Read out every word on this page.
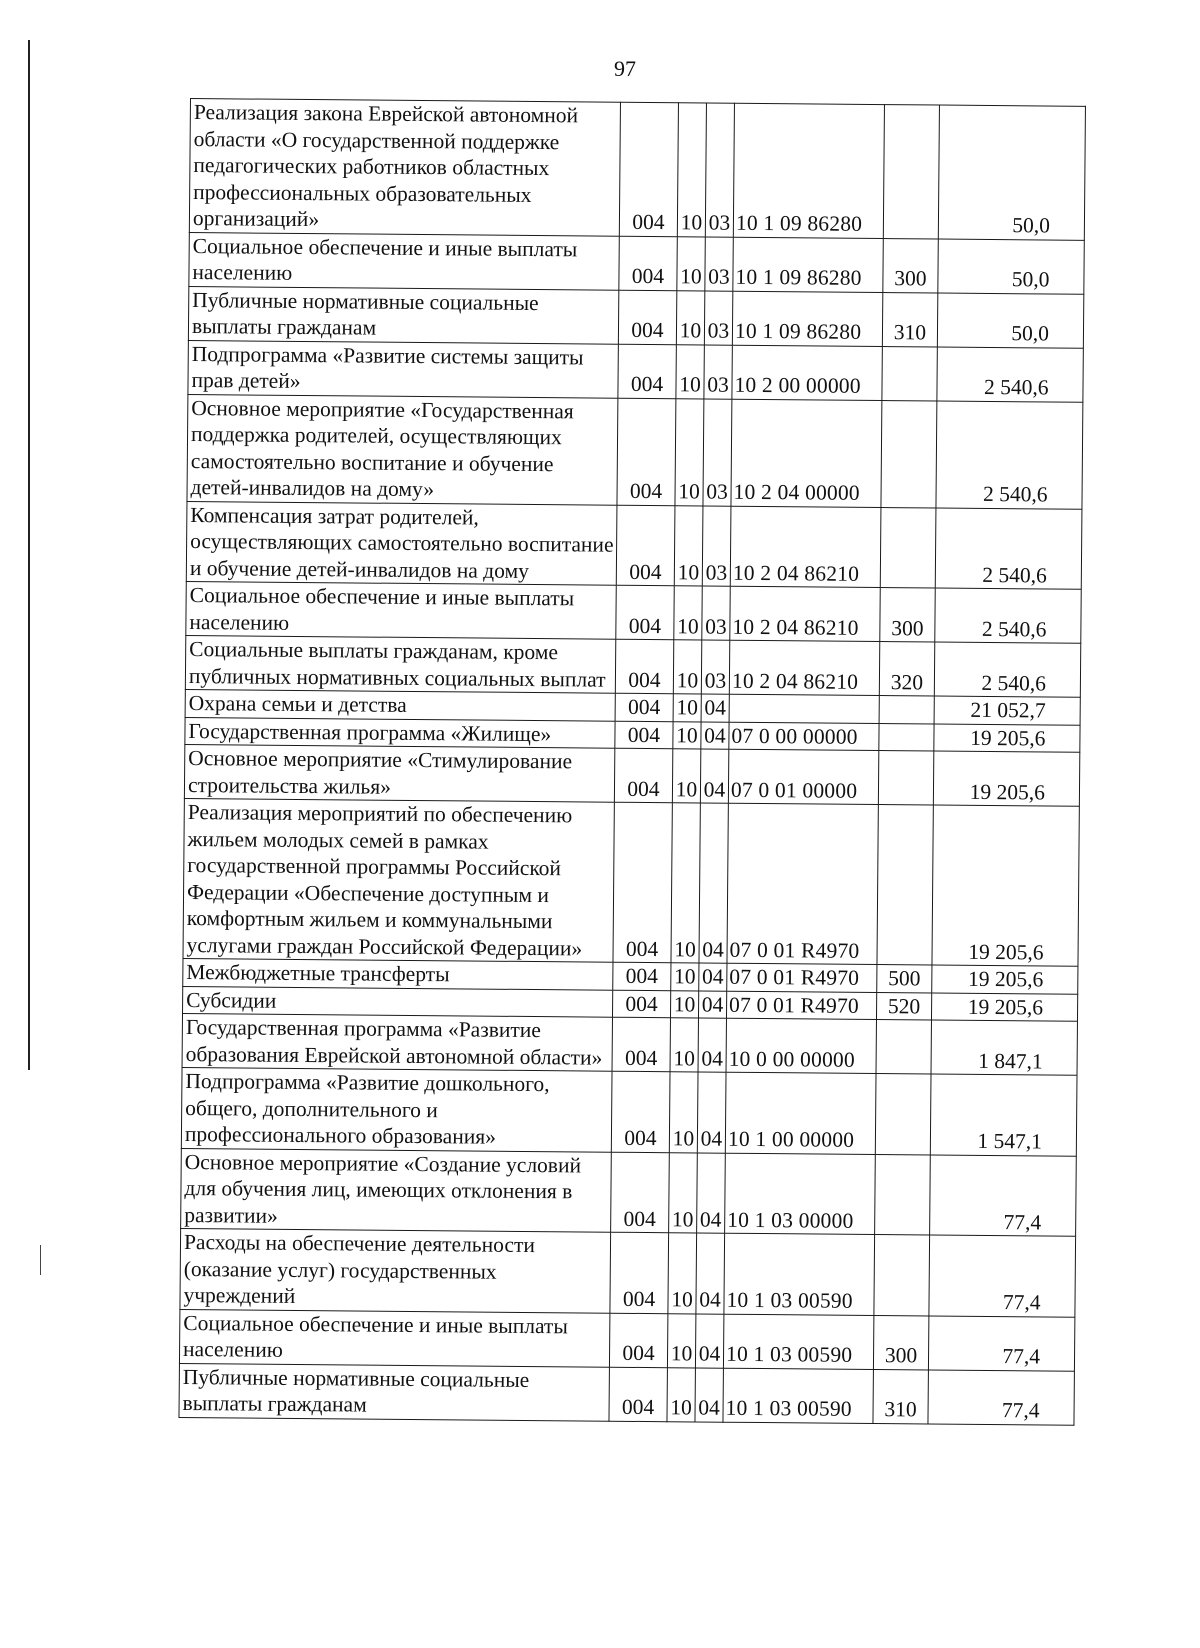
97
Реализация закона Еврейской автономной области «О государственной поддержке педагогических работников областных профессиональных образовательных организаций»	004	10	03	10 1 09 86280		50,0
Социальное обеспечение и иные выплаты населению	004	10	03	10 1 09 86280	300	50,0
Публичные нормативные социальные выплаты гражданам	004	10	03	10 1 09 86280	310	50,0
Подпрограмма «Развитие системы защиты прав детей»	004	10	03	10 2 00 00000		2 540,6
Основное мероприятие «Государственная поддержка родителей, осуществляющих самостоятельно воспитание и обучение детей-инвалидов на дому»	004	10	03	10 2 04 00000		2 540,6
Компенсация затрат родителей, осуществляющих самостоятельно воспитание и обучение детей-инвалидов на дому	004	10	03	10 2 04 86210		2 540,6
Социальное обеспечение и иные выплаты населению	004	10	03	10 2 04 86210	300	2 540,6
Социальные выплаты гражданам, кроме публичных нормативных социальных выплат	004	10	03	10 2 04 86210	320	2 540,6
Охрана семьи и детства	004	10	04			21 052,7
Государственная программа «Жилище»	004	10	04	07 0 00 00000		19 205,6
Основное мероприятие «Стимулирование строительства жилья»	004	10	04	07 0 01 00000		19 205,6
Реализация мероприятий по обеспечению жильем молодых семей в рамках государственной программы Российской Федерации «Обеспечение доступным и комфортным жильем и коммунальными услугами граждан Российской Федерации»	004	10	04	07 0 01 R4970		19 205,6
Межбюджетные трансферты	004	10	04	07 0 01 R4970	500	19 205,6
Субсидии	004	10	04	07 0 01 R4970	520	19 205,6
Государственная программа «Развитие образования Еврейской автономной области»	004	10	04	10 0 00 00000		1 847,1
Подпрограмма «Развитие дошкольного, общего, дополнительного и профессионального образования»	004	10	04	10 1 00 00000		1 547,1
Основное мероприятие «Создание условий для обучения лиц, имеющих отклонения в развитии»	004	10	04	10 1 03 00000		77,4
Расходы на обеспечение деятельности (оказание услуг) государственных учреждений	004	10	04	10 1 03 00590		77,4
Социальное обеспечение и иные выплаты населению	004	10	04	10 1 03 00590	300	77,4
Публичные нормативные социальные выплаты гражданам	004	10	04	10 1 03 00590	310	77,4
